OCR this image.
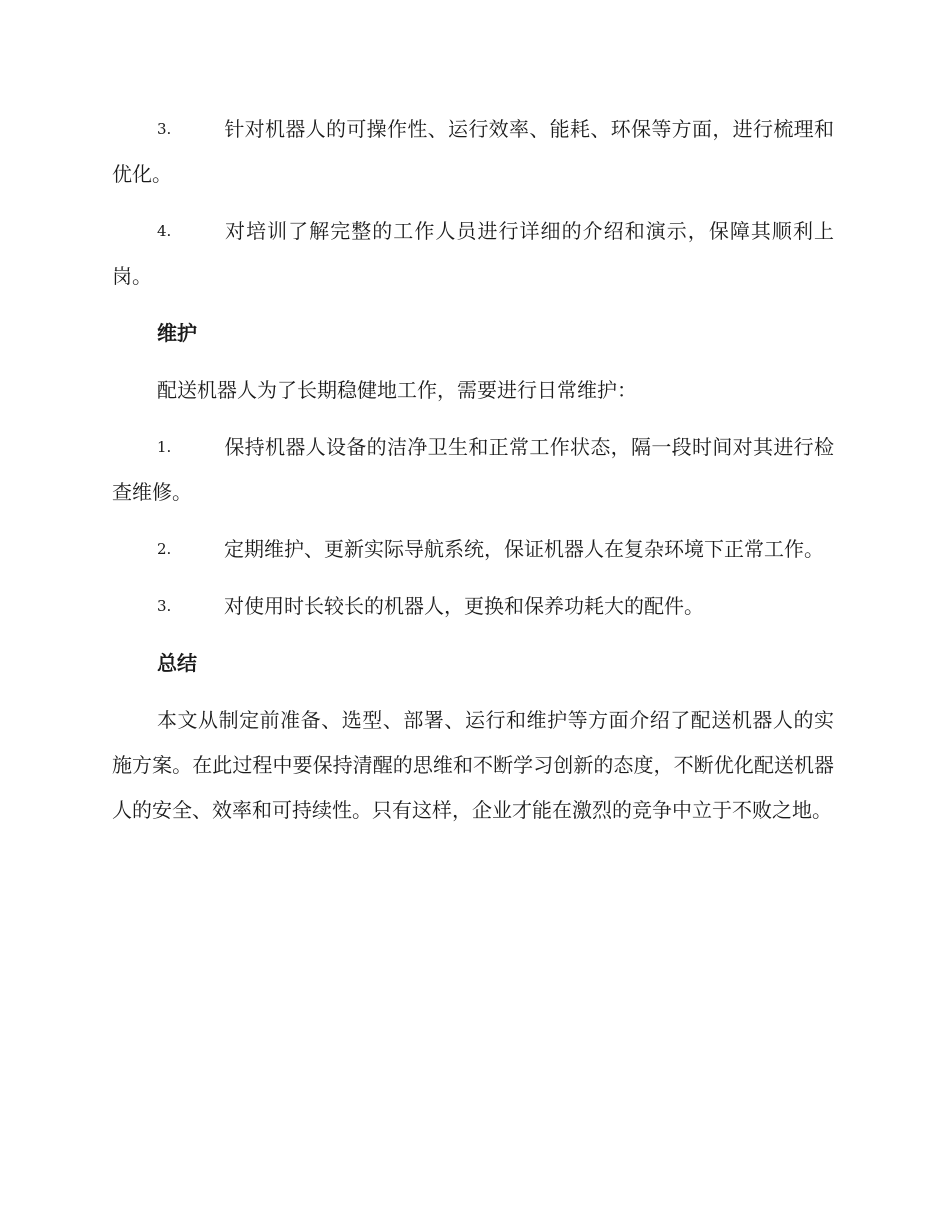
3.	针对机器人的可操作性、运行效率、能耗、环保等方面，进行梳理和优化。
4.	对培训了解完整的工作人员进行详细的介绍和演示，保障其顺利上岗。
维护
配送机器人为了长期稳健地工作，需要进行日常维护：
1.	保持机器人设备的洁净卫生和正常工作状态，隔一段时间对其进行检查维修。
2.	定期维护、更新实际导航系统，保证机器人在复杂环境下正常工作。
3.	对使用时长较长的机器人，更换和保养功耗大的配件。
总结
本文从制定前准备、选型、部署、运行和维护等方面介绍了配送机器人的实施方案。在此过程中要保持清醒的思维和不断学习创新的态度，不断优化配送机器人的安全、效率和可持续性。只有这样，企业才能在激烈的竞争中立于不败之地。
